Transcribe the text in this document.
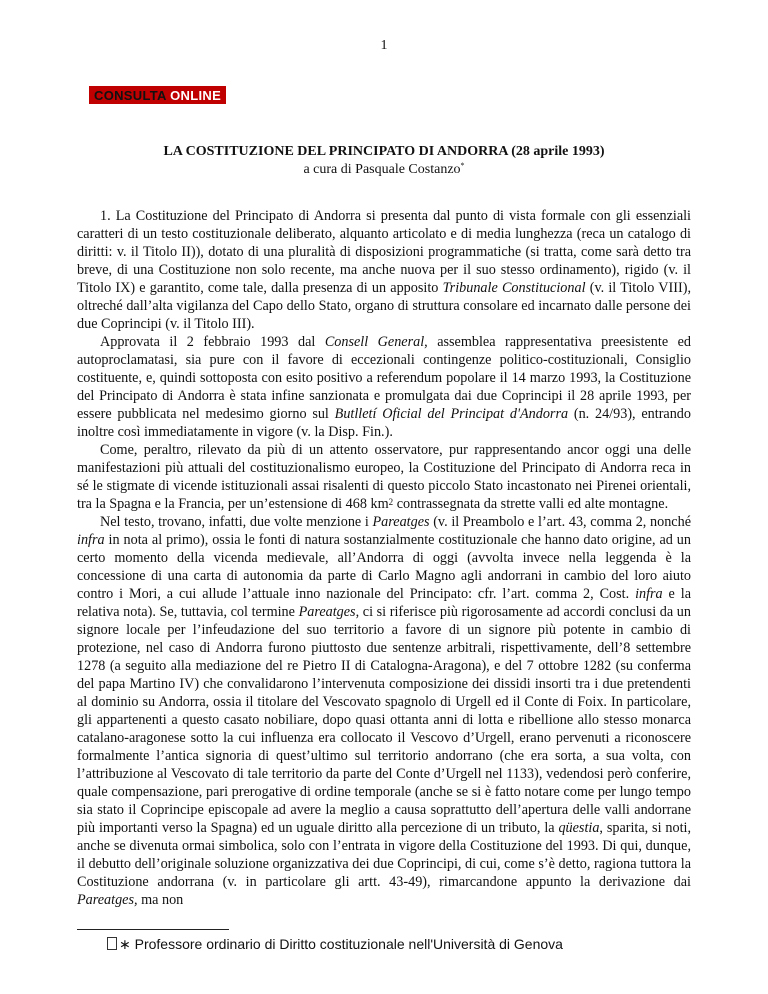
1
CONSULTA ONLINE
LA COSTITUZIONE DEL PRINCIPATO DI ANDORRA (28 aprile 1993)
a cura di Pasquale Costanzo*

1. La Costituzione del Principato di Andorra si presenta dal punto di vista formale con gli essenziali caratteri di un testo costituzionale deliberato, alquanto articolato e di media lunghezza (reca un catalogo di diritti: v. il Titolo II)), dotato di una pluralità di disposizioni programmatiche (si tratta, come sarà detto tra breve, di una Costituzione non solo recente, ma anche nuova per il suo stesso ordinamento), rigido (v. il Titolo IX) e garantito, come tale, dalla presenza di un apposito Tribunale Constitucional (v. il Titolo VIII), oltreché dall’alta vigilanza del Capo dello Stato, organo di struttura consolare ed incarnato dalle persone dei due Coprincipi (v. il Titolo III).

Approvata il 2 febbraio 1993 dal Consell General, assemblea rappresentativa preesistente ed autoproclamatasi, sia pure con il favore di eccezionali contingenze politico-costituzionali, Consiglio costituente, e, quindi sottoposta con esito positivo a referendum popolare il 14 marzo 1993, la Costituzione del Principato di Andorra è stata infine sanzionata e promulgata dai due Coprincipi il 28 aprile 1993, per essere pubblicata nel medesimo giorno sul Butlletí Oficial del Principat d'Andorra (n. 24/93), entrando inoltre così immediatamente in vigore (v. la Disp. Fin.).

Come, peraltro, rilevato da più di un attento osservatore, pur rappresentando ancor oggi una delle manifestazioni più attuali del costituzionalismo europeo, la Costituzione del Principato di Andorra reca in sé le stigmate di vicende istituzionali assai risalenti di questo piccolo Stato incastonato nei Pirenei orientali, tra la Spagna e la Francia, per un’estensione di 468 $km^2$ contrassegnata da strette valli ed alte montagne.

Nel testo, trovano, infatti, due volte menzione i Pareatges (v. il Preambolo e l’art. 43, comma 2, nonché infra in nota al primo), ossia le fonti di natura sostanzialmente costituzionale che hanno dato origine, ad un certo momento della vicenda medievale, all’Andorra di oggi (avvolta invece nella leggenda è la concessione di una carta di autonomia da parte di Carlo Magno agli andorrani in cambio del loro aiuto contro i Mori, a cui allude l’attuale inno nazionale del Principato: cfr. l’art. comma 2, Cost. infra e la relativa nota). Se, tuttavia, col termine Pareatges, ci si riferisce più rigorosamente ad accordi conclusi da un signore locale per l’infeudazione del suo territorio a favore di un signore più potente in cambio di protezione, nel caso di Andorra furono piuttosto due sentenze arbitrali, rispettivamente, dell’8 settembre 1278 (a seguito alla mediazione del re Pietro II di Catalogna-Aragona), e del 7 ottobre 1282 (su conferma del papa Martino IV) che convalidarono l’intervenuta composizione dei dissidi insorti tra i due pretendenti al dominio su Andorra, ossia il titolare del Vescovato spagnolo di Urgell ed il Conte di Foix. In particolare, gli appartenenti a questo casato nobiliare, dopo quasi ottanta anni di lotta e ribellione allo stesso monarca catalano-aragonese sotto la cui influenza era collocato il Vescovo d’Urgell, erano pervenuti a riconoscere formalmente l’antica signoria di quest’ultimo sul territorio andorrano (che era sorta, a sua volta, con l’attribuzione al Vescovato di tale territorio da parte del Conte d’Urgell nel 1133), vedendosi però conferire, quale compensazione, pari prerogative di ordine temporale (anche se si è fatto notare come per lungo tempo sia stato il Coprincipe episcopale ad avere la meglio a causa soprattutto dell’apertura delle valli andorrane più importanti verso la Spagna) ed un uguale diritto alla percezione di un tributo, la qüestia, sparita, si noti, anche se divenuta ormai simbolica, solo con l’entrata in vigore della Costituzione del 1993. Di qui, dunque, il debutto dell’originale soluzione organizzativa dei due Coprincipi, di cui, come s’è detto, ragiona tuttora la Costituzione andorrana (v. in particolare gli artt. 43-49), rimarcandone appunto la derivazione dai Pareatges, ma non

∗ Professore ordinario di Diritto costituzionale nell'Università di Genova
